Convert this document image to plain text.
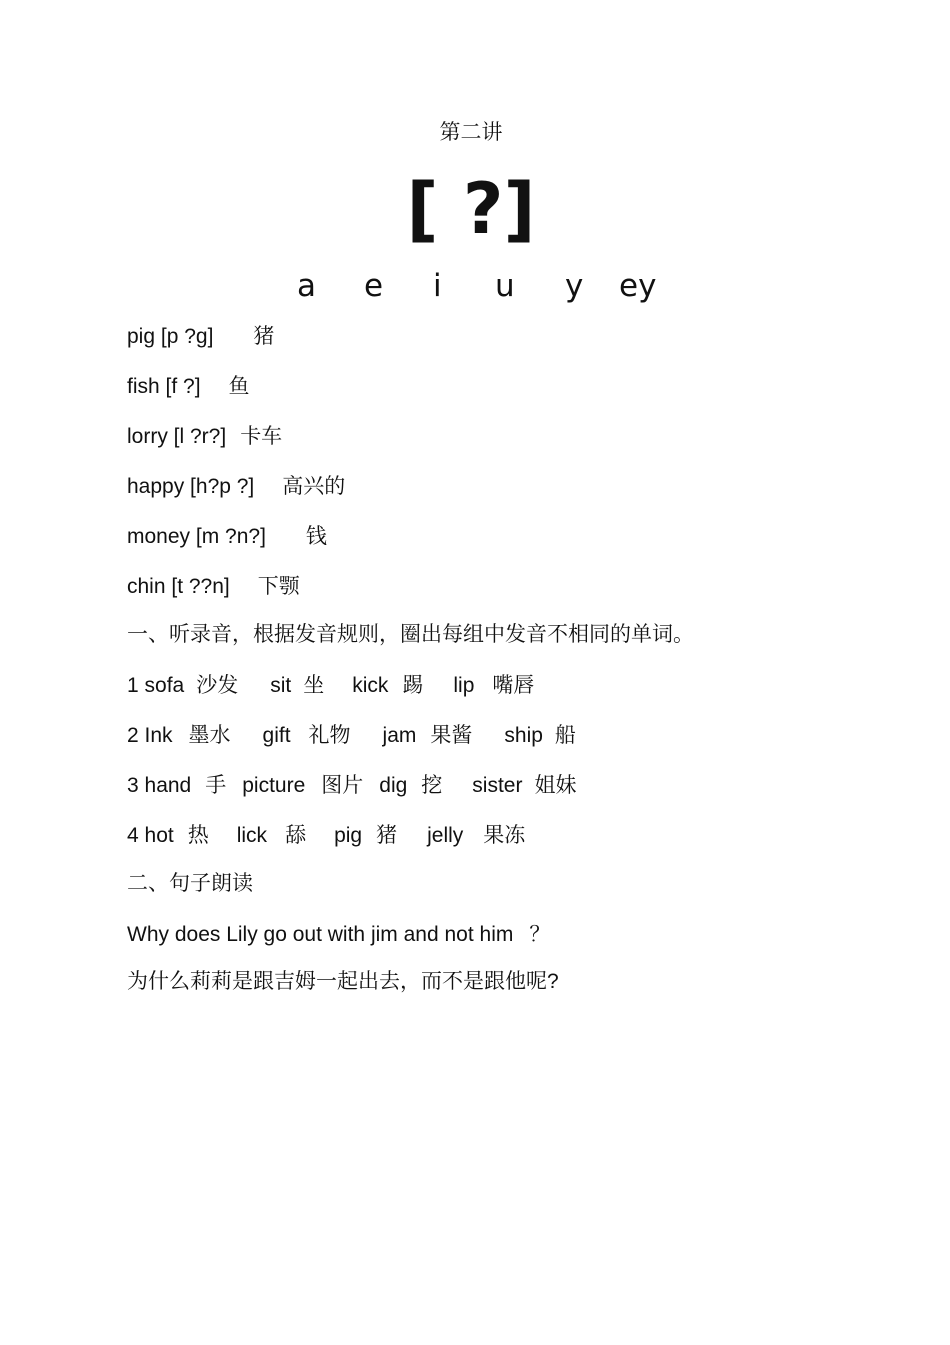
第二讲
[ ?]
a e i u y ey
pig [p ?g] 猪
fish [f ?] 鱼
lorry [l ?r?] 卡车
happy [h?p ?] 高兴的
money [m ?n?] 钱
chin [t ??n] 下颚
一、听录音，根据发音规则，圈出每组中发音不相同的单词。
1 sofa 沙发 sit 坐 kick 踢 lip 嘴唇
2 Ink 墨水 gift 礼物 jam 果酱 ship 船
3 hand 手 picture 图片 dig 挖 sister 姐妹
4 hot 热 lick 舔 pig 猪 jelly 果冻
二、句子朗读
Why does Lily go out with jim and not him ？
为什么莉莉是跟吉姆一起出去，而不是跟他呢?
